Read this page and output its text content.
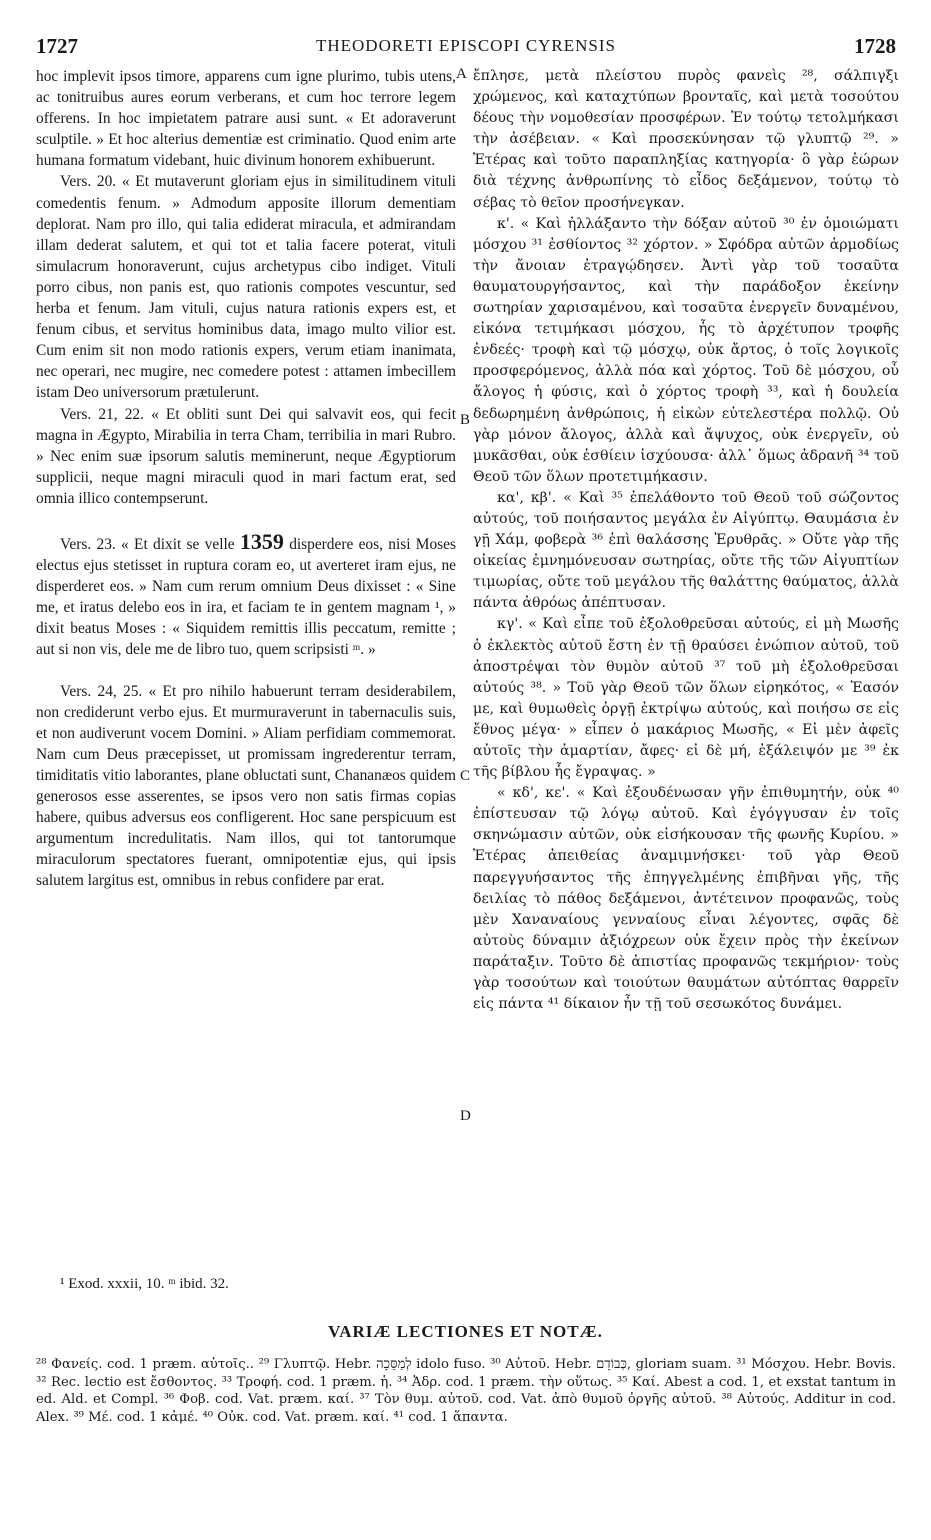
1727	THEODORETI EPISCOPI CYRENSIS	1728

hoc implevit ipsos timore, apparens cum igne plurimo, tubis utens, ac tonitruibus aures eorum verberans, et cum hoc terrore legem offerens. In hoc impietatem patrare ausi sunt. « Et adoraverunt sculptile. » Et hoc alterius dementiæ est criminatio. Quod enim arte humana formatum videbant, huic divinum honorem exhibuerunt.

Vers. 20. « Et mutaverunt gloriam ejus in similitudinem vituli comedentis fenum. » Admodum apposite illorum dementiam deplorat. Nam pro illo, qui talia ediderat miracula, et admirandam illam dederat salutem, et qui tot et talia facere poterat, vituli simulacrum honoraverunt, cujus archetypus cibo indiget. Vituli porro cibus, non panis est, quo rationis compotes vescuntur, sed herba et fenum. Jam vituli, cujus natura rationis expers est, et fenum cibus, et servitus hominibus data, imago multo vilior est. Cum enim sit non modo rationis expers, verum etiam inanimata, nec operari, nec mugire, nec comedere potest : attamen imbecillem istam Deo universorum prætulerunt.

Vers. 21, 22. « Et obliti sunt Dei qui salvavit eos, qui fecit magna in Ægypto, Mirabilia in terra Cham, terribilia in mari Rubro. » Nec enim suæ ipsorum salutis meminerunt, neque Ægyptiorum supplicii, neque magni miraculi quod in mari factum erat, sed omnia illico contempserunt.

Vers. 23. « Et dixit se velle 1359 disperdere eos, nisi Moses electus ejus stetisset in ruptura coram eo, ut averteret iram ejus, ne disperderet eos. » Nam cum rerum omnium Deus dixisset : « Sine me, et iratus delebo eos in ira, et faciam te in gentem magnam ¹, » dixit beatus Moses : « Siquidem remittis illis peccatum, remitte ; aut si non vis, dele me de libro tuo, quem scripsisti ᵐ. »

Vers. 24, 25. « Et pro nihilo habuerunt terram desiderabilem, non crediderunt verbo ejus. Et murmuraverunt in tabernaculis suis, et non audiverunt vocem Domini. » Aliam perfidiam commemorat. Nam cum Deus præcepisset, ut promissam ingrederentur terram, timiditatis vitio laborantes, plane obluctati sunt, Chananæos quidem generosos esse asserentes, se ipsos vero non satis firmas copias habere, quibus adversus eos confligerent. Hoc sane perspicuum est argumentum incredulitatis. Nam illos, qui tot tantorumque miraculorum spectatores fuerant, omnipotentiæ ejus, qui ipsis salutem largitus est, omnibus in rebus confidere par erat.

ἔπλησε, μετὰ πλείστου πυρὸς φανεὶς ²⁸, σάλπιγξι χρώμενος, καὶ καταχτύπων βρονταῖς, καὶ μετὰ τοσούτου δέους τὴν νομοθεσίαν προσφέρων. Ἐν τούτῳ τετολμήκασι τὴν ἀσέβειαν. « Καὶ προσεκύνησαν τῷ γλυπτῷ ²⁹. » Ἑτέρας καὶ τοῦτο παραπληξίας κατηγορία· ὃ γὰρ ἑώρων διὰ τέχνης ἀνθρωπίνης τὸ εἶδος δεξάμενον, τούτῳ τὸ σέβας τὸ θεῖον προσήνεγκαν.

κ'. « Καὶ ἠλλάξαντο τὴν δόξαν αὐτοῦ ³⁰ ἐν ὁμοιώματι μόσχου ³¹ ἐσθίοντος ³² χόρτον. » Σφόδρα αὐτῶν ἁρμοδίως τὴν ἄνοιαν ἐτραγῴδησεν. Ἀντὶ γὰρ τοῦ τοσαῦτα θαυματουργήσαντος, καὶ τὴν παράδοξον ἐκείνην σωτηρίαν χαρισαμένου, καὶ τοσαῦτα ἐνεργεῖν δυναμένου, εἰκόνα τετιμήκασι μόσχου, ἧς τὸ ἀρχέτυπον τροφῆς ἐνδεές· τροφὴ καὶ τῷ μόσχῳ, οὐκ ἄρτος, ὁ τοῖς λογικοῖς προσφερόμενος, ἀλλὰ πόα καὶ χόρτος. Τοῦ δὲ μόσχου, οὗ ἄλογος ἡ φύσις, καὶ ὁ χόρτος τροφὴ ³³, καὶ ἡ δουλεία δεδωρημένη ἀνθρώποις, ἡ εἰκὼν εὐτελεστέρα πολλῷ. Οὐ γὰρ μόνον ἄλογος, ἀλλὰ καὶ ἄψυχος, οὐκ ἐνεργεῖν, οὐ μυκᾶσθαι, οὐκ ἐσθίειν ἰσχύουσα· ἀλλ᾽ ὅμως ἀδρανῆ ³⁴ τοῦ Θεοῦ τῶν ὅλων προτετιμήκασιν.

κα', κβ'. « Καὶ ³⁵ ἐπελάθοντο τοῦ Θεοῦ τοῦ σώζοντος αὐτούς, τοῦ ποιήσαντος μεγάλα ἐν Αἰγύπτῳ. Θαυμάσια ἐν γῇ Χάμ, φοβερὰ ³⁶ ἐπὶ θαλάσσης Ἐρυθρᾶς. » Οὔτε γὰρ τῆς οἰκείας ἐμνημόνευσαν σωτηρίας, οὔτε τῆς τῶν Αἰγυπτίων τιμωρίας, οὔτε τοῦ μεγάλου τῆς θαλάττης θαύματος, ἀλλὰ πάντα ἀθρόως ἀπέπτυσαν.

κγ'. « Καὶ εἶπε τοῦ ἐξολοθρεῦσαι αὐτούς, εἰ μὴ Μωσῆς ὁ ἐκλεκτὸς αὐτοῦ ἔστη ἐν τῇ θραύσει ἐνώπιον αὐτοῦ, τοῦ ἀποστρέψαι τὸν θυμὸν αὐτοῦ ³⁷ τοῦ μὴ ἐξολοθρεῦσαι αὐτούς ³⁸. » Τοῦ γὰρ Θεοῦ τῶν ὅλων εἰρηκότος, « Ἐασόν με, καὶ θυμωθεὶς ὀργῇ ἐκτρίψω αὐτούς, καὶ ποιήσω σε εἰς ἔθνος μέγα· » εἶπεν ὁ μακάριος Μωσῆς, « Εἰ μὲν ἀφεῖς αὐτοῖς τὴν ἁμαρτίαν, ἄφες· εἰ δὲ μή, ἐξάλειψόν με ³⁹ ἐκ τῆς βίβλου ἧς ἔγραψας. »

« κδ', κε'. « Καὶ ἐξουδένωσαν γῆν ἐπιθυμητήν, οὐκ ⁴⁰ ἐπίστευσαν τῷ λόγῳ αὐτοῦ. Καὶ ἐγόγγυσαν ἐν τοῖς σκηνώμασιν αὐτῶν, οὐκ εἰσήκουσαν τῆς φωνῆς Κυρίου. » Ἑτέρας ἀπειθείας ἀναμιμνήσκει· τοῦ γὰρ Θεοῦ παρεγγυήσαντος τῆς ἐπηγγελμένης ἐπιβῆναι γῆς, τῆς δειλίας τὸ πάθος δεξάμενοι, ἀντέτεινον προφανῶς, τοὺς μὲν Χαναναίους γενναίους εἶναι λέγοντες, σφᾶς δὲ αὐτοὺς δύναμιν ἀξιόχρεων οὐκ ἔχειν πρὸς τὴν ἐκείνων παράταξιν. Τοῦτο δὲ ἀπιστίας προφανῶς τεκμήριον· τοὺς γὰρ τοσούτων καὶ τοιούτων θαυμάτων αὐτόπτας θαρρεῖν εἰς πάντα ⁴¹ δίκαιον ἦν τῇ τοῦ σεσωκότος δυνάμει.

A
B
C
D
¹ Exod. xxxii, 10. ᵐ ibid. 32.
VARIÆ LECTIONES ET NOTÆ.
²⁸ Φανείς. cod. 1 præm. αὐτοῖς.. ²⁹ Γλυπτῷ. Hebr. לְמַסֵּכָה idolo fuso. ³⁰ Αὐτοῦ. Hebr. כְּבוֹדָם, gloriam suam. ³¹ Μόσχου. Hebr. Bovis. ³² Rec. lectio est ἔσθοντος. ³³ Τροφή. cod. 1 præm. ἡ. ³⁴ Ἀδρ. cod. 1 præm. τὴν οὕτως. ³⁵ Καί. Abest a cod. 1, et exstat tantum in ed. Ald. et Compl. ³⁶ Φοβ. cod. Vat. præm. καί. ³⁷ Τὸν θυμ. αὐτοῦ. cod. Vat. ἀπὸ θυμοῦ ὀργῆς αὐτοῦ. ³⁸ Αὐτούς. Additur in cod. Alex. ³⁹ Μέ. cod. 1 κἀμέ. ⁴⁰ Οὐκ. cod. Vat. præm. καί. ⁴¹ cod. 1 ἅπαντα.
